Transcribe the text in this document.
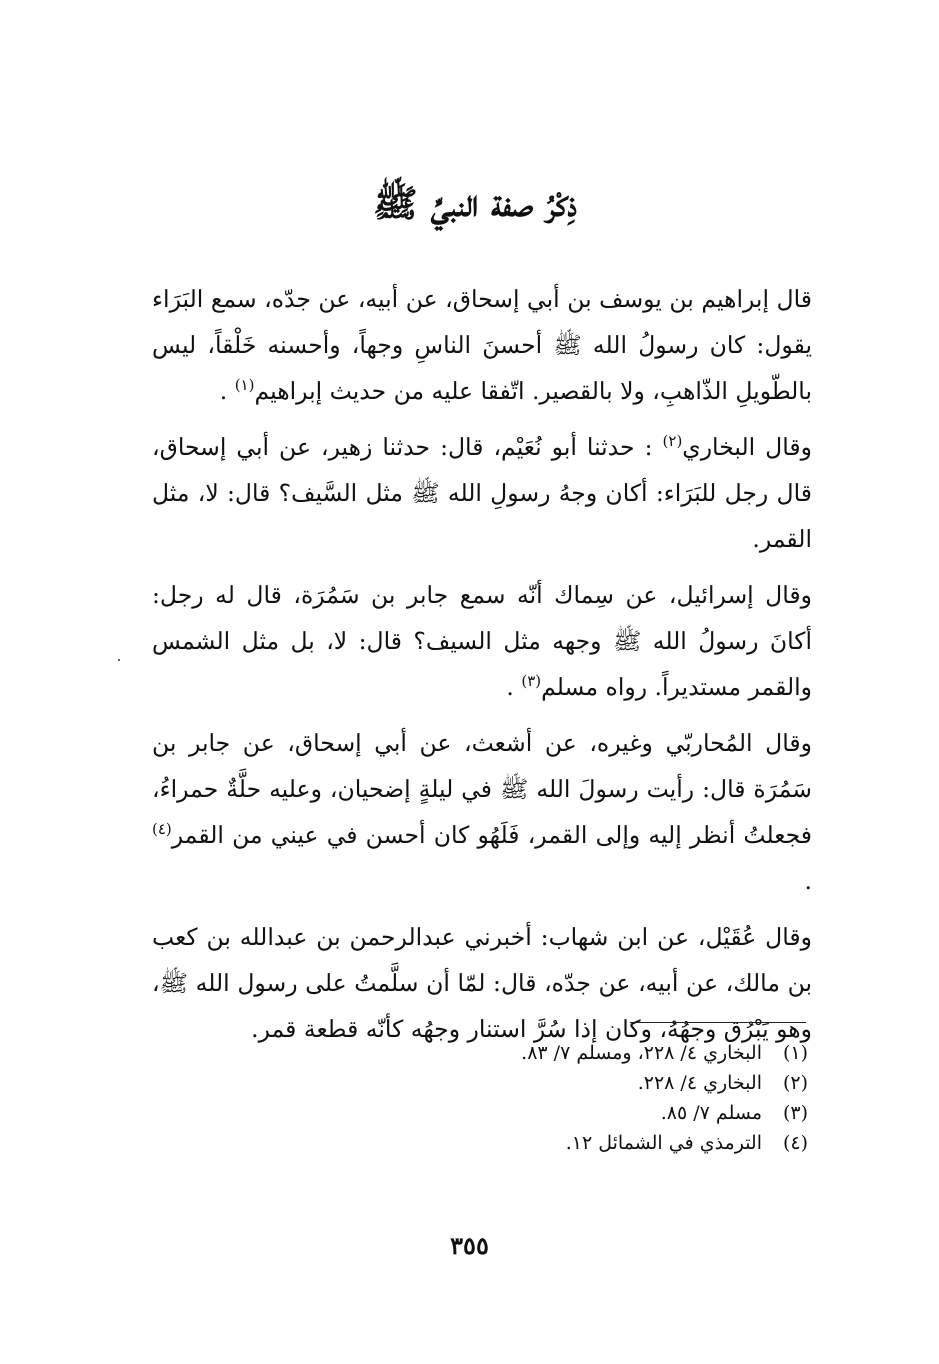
ذِكْرُ صفة النبيِّ ﷺ

قال إبراهيم بن يوسف بن أبي إسحاق، عن أبيه، عن جدّه، سمع البَرَاء يقول: كان رسولُ الله ﷺ أحسنَ الناسِ وجهاً، وأحسنه خَلْقاً، ليس بالطّويلِ الذّاهبِ، ولا بالقصير. اتّفقا عليه من حديث إبراهيم$^{(١)}$ .

وقال البخاري$^{(٢)}$ : حدثنا أبو نُعَيْم، قال: حدثنا زهير، عن أبي إسحاق، قال رجل للبَرَاء: أكان وجهُ رسولِ الله ﷺ مثل السَّيف؟ قال: لا، مثل القمر.

وقال إسرائيل، عن سِماك أنّه سمع جابر بن سَمُرَة، قال له رجل: أكانَ رسولُ الله ﷺ وجهه مثل السيف؟ قال: لا، بل مثل الشمس والقمر مستديراً. رواه مسلم$^{(٣)}$ .

وقال المُحاربّي وغيره، عن أشعث، عن أبي إسحاق، عن جابر بن سَمُرَة قال: رأيت رسولَ الله ﷺ في ليلةٍ إضحيان، وعليه حلَّةٌ حمراءُ، فجعلتُ أنظر إليه وإلى القمر، فَلَهُو كان أحسن في عيني من القمر$^{(٤)}$ .

وقال عُقَيْل، عن ابن شهاب: أخبرني عبدالرحمن بن عبدالله بن كعب بن مالك، عن أبيه، عن جدّه، قال: لمّا أن سلَّمتُ على رسول الله ﷺ، وهو يَبْرُق وجهُهُ، وكان إذا سُرَّ استنار وجهُه كأنّه قطعة قمر.

(١)البخاري ٤/ ٢٢٨، ومسلم ٧/ ٨٣.
(٢)البخاري ٤/ ٢٢٨.
(٣)مسلم ٧/ ٨٥.
(٤)الترمذي في الشمائل ١٢.
٣٥٥
